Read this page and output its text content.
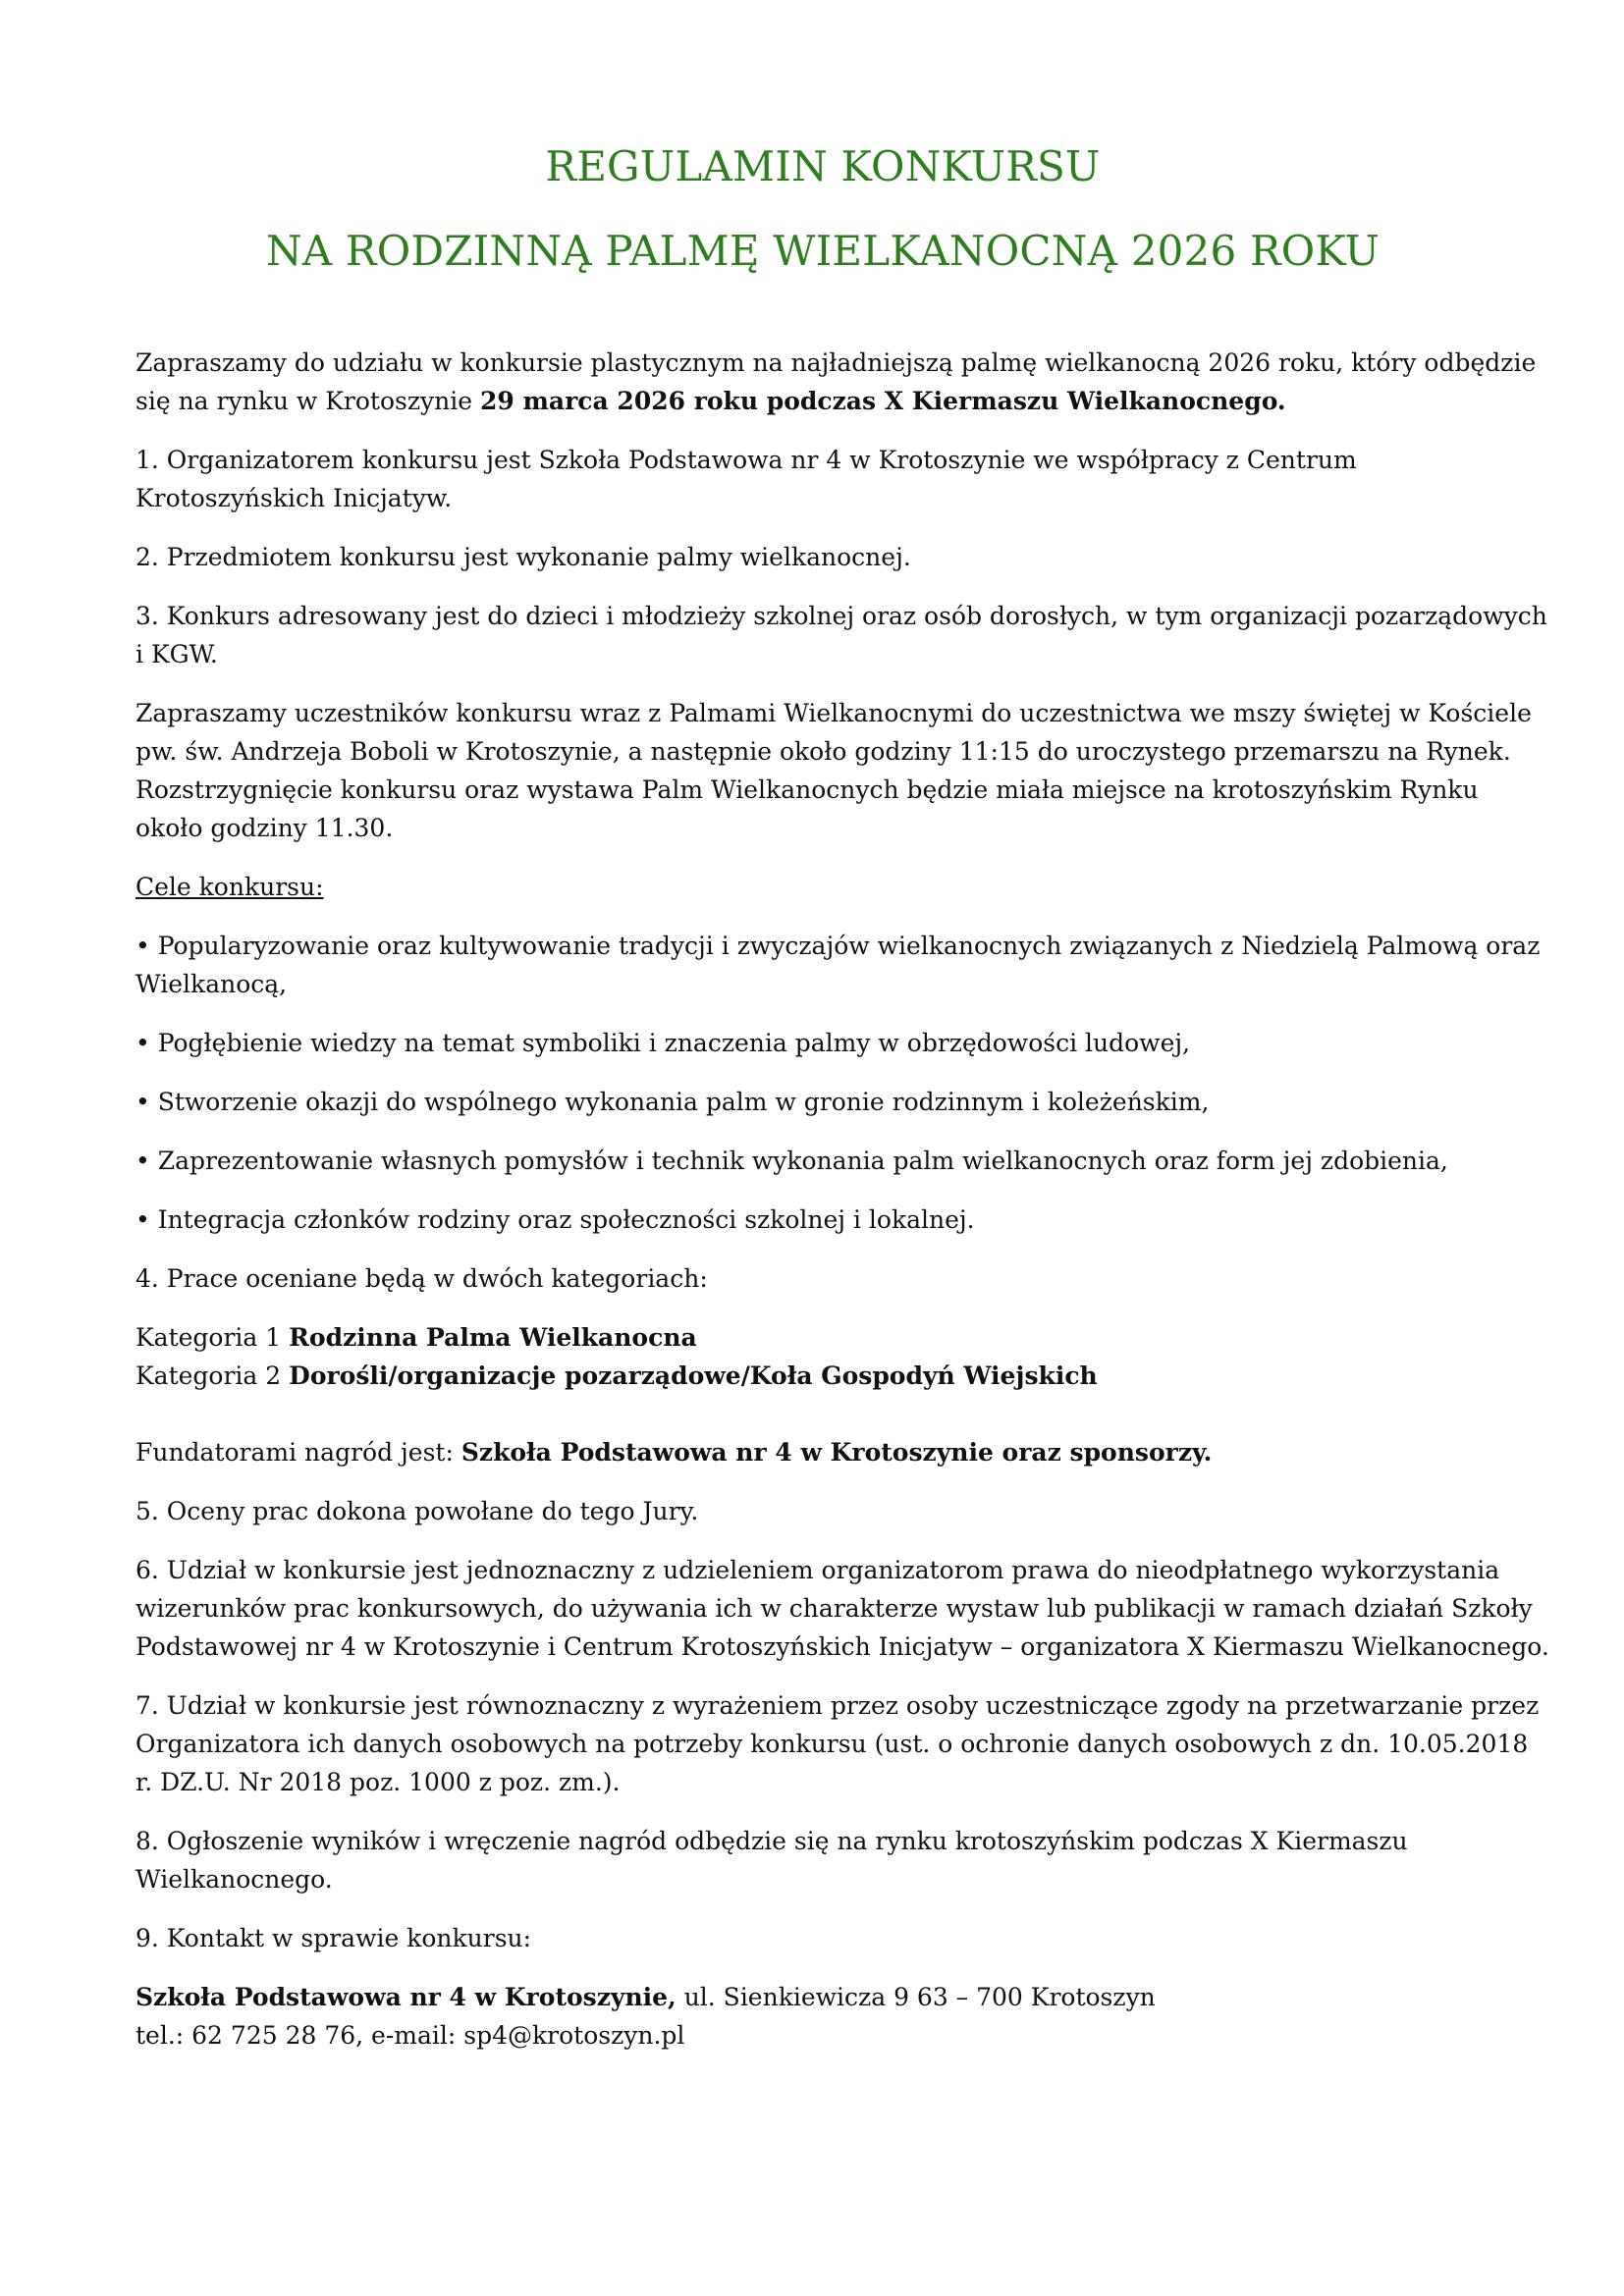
REGULAMIN KONKURSU
NA RODZINNĄ PALMĘ WIELKANOCNĄ 2026 ROKU

Zapraszamy do udziału w konkursie plastycznym na najładniejszą palmę wielkanocną 2026 roku, który odbędzie się na rynku w Krotoszynie 29 marca 2026 roku podczas X Kiermaszu Wielkanocnego.

1. Organizatorem konkursu jest Szkoła Podstawowa nr 4 w Krotoszynie we współpracy z Centrum Krotoszyńskich Inicjatyw.

2. Przedmiotem konkursu jest wykonanie palmy wielkanocnej.

3. Konkurs adresowany jest do dzieci i młodzieży szkolnej oraz osób dorosłych, w tym organizacji pozarządowych i KGW.

Zapraszamy uczestników konkursu wraz z Palmami Wielkanocnymi do uczestnictwa we mszy świętej w Kościele pw. św. Andrzeja Boboli w Krotoszynie, a następnie około godziny 11:15 do uroczystego przemarszu na Rynek. Rozstrzygnięcie konkursu oraz wystawa Palm Wielkanocnych będzie miała miejsce na krotoszyńskim Rynku około godziny 11.30.

Cele konkursu:

• Popularyzowanie oraz kultywowanie tradycji i zwyczajów wielkanocnych związanych z Niedzielą Palmową oraz Wielkanocą,

• Pogłębienie wiedzy na temat symboliki i znaczenia palmy w obrzędowości ludowej,

• Stworzenie okazji do wspólnego wykonania palm w gronie rodzinnym i koleżeńskim,

• Zaprezentowanie własnych pomysłów i technik wykonania palm wielkanocnych oraz form jej zdobienia,

• Integracja członków rodziny oraz społeczności szkolnej i lokalnej.

4. Prace oceniane będą w dwóch kategoriach:

Kategoria 1 Rodzinna Palma Wielkanocna
Kategoria 2 Dorośli/organizacje pozarządowe/Koła Gospodyń Wiejskich

Fundatorami nagród jest: Szkoła Podstawowa nr 4 w Krotoszynie oraz sponsorzy.

5. Oceny prac dokona powołane do tego Jury.

6. Udział w konkursie jest jednoznaczny z udzieleniem organizatorom prawa do nieodpłatnego wykorzystania wizerunków prac konkursowych, do używania ich w charakterze wystaw lub publikacji w ramach działań Szkoły Podstawowej nr 4 w Krotoszynie i Centrum Krotoszyńskich Inicjatyw – organizatora X Kiermaszu Wielkanocnego.

7. Udział w konkursie jest równoznaczny z wyrażeniem przez osoby uczestniczące zgody na przetwarzanie przez Organizatora ich danych osobowych na potrzeby konkursu (ust. o ochronie danych osobowych z dn. 10.05.2018 r. DZ.U. Nr 2018 poz. 1000 z poz. zm.).

8. Ogłoszenie wyników i wręczenie nagród odbędzie się na rynku krotoszyńskim podczas X Kiermaszu Wielkanocnego.

9. Kontakt w sprawie konkursu:

Szkoła Podstawowa nr 4 w Krotoszynie, ul. Sienkiewicza 9 63 – 700 Krotoszyn
tel.: 62 725 28 76, e-mail: sp4@krotoszyn.pl
